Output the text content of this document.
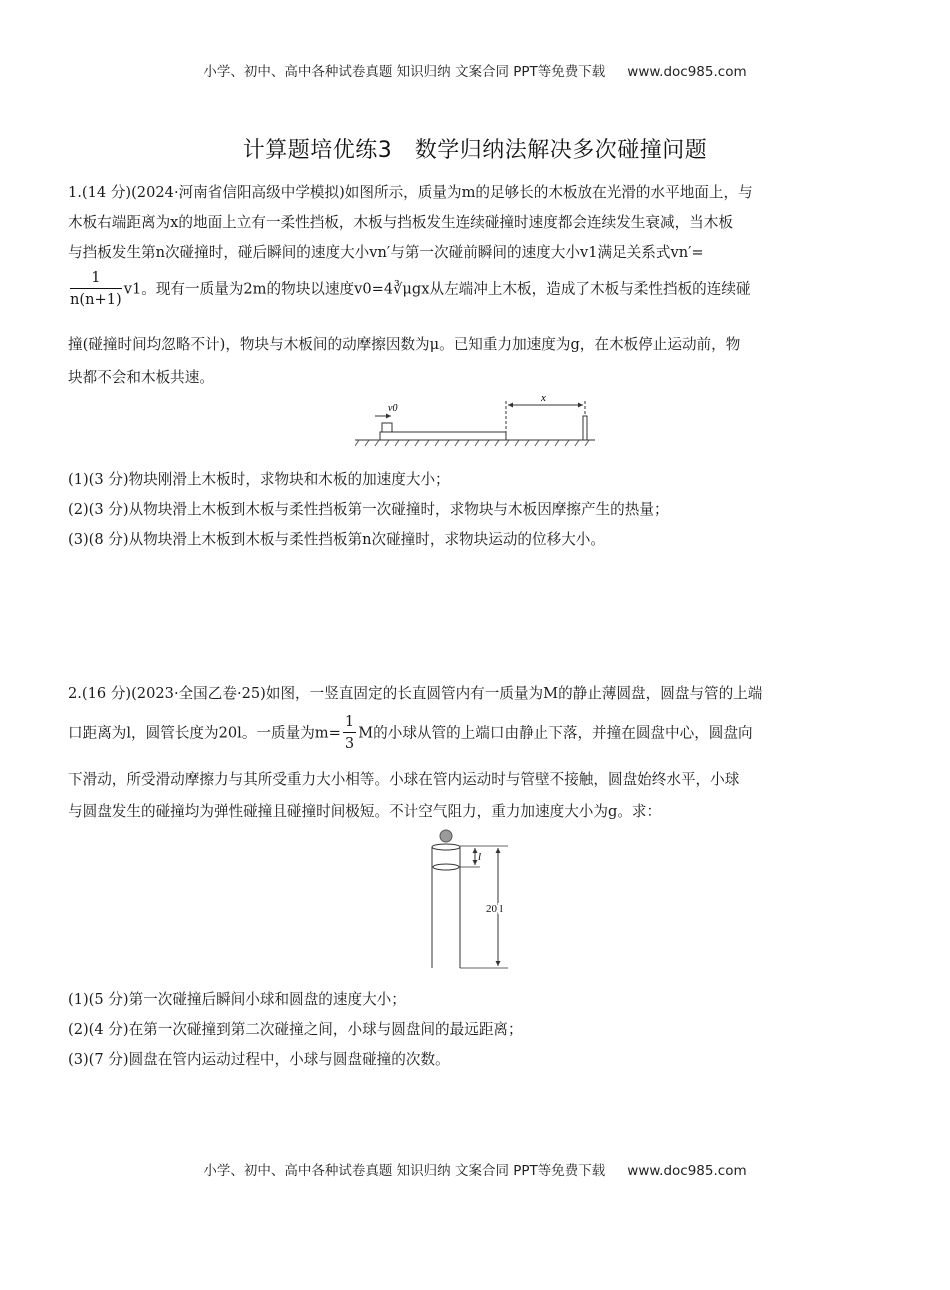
小学、初中、高中各种试卷真题 知识归纳 文案合同 PPT等免费下载 www.doc985.com
计算题培优练3　数学归纳法解决多次碰撞问题
1.(14 分)(2024·河南省信阳高级中学模拟)如图所示，质量为m的足够长的木板放在光滑的水平地面上，与
木板右端距离为x的地面上立有一柔性挡板，木板与挡板发生连续碰撞时速度都会连续发生衰减，当木板
与挡板发生第n次碰撞时，碰后瞬间的速度大小vn′与第一次碰前瞬间的速度大小v1满足关系式vn′=
$\frac{1}{n(n+1)} v1$。现有一质量为2m的物块以速度v0=4∛μgx从左端冲上木板，造成了木板与柔性挡板的连续碰
撞(碰撞时间均忽略不计)，物块与木板间的动摩擦因数为μ。已知重力加速度为g，在木板停止运动前，物
块都不会和木板共速。
v0
x
(1)(3 分)物块刚滑上木板时，求物块和木板的加速度大小；
(2)(3 分)从物块滑上木板到木板与柔性挡板第一次碰撞时，求物块与木板因摩擦产生的热量；
(3)(8 分)从物块滑上木板到木板与柔性挡板第n次碰撞时，求物块运动的位移大小。
2.(16 分)(2023·全国乙卷·25)如图，一竖直固定的长直圆管内有一质量为M的静止薄圆盘，圆盘与管的上端
口距离为l，圆管长度为20l。一质量为$m= \frac{1}{3}$ M的小球从管的上端口由静止下落，并撞在圆盘中心，圆盘向
下滑动，所受滑动摩擦力与其所受重力大小相等。小球在管内运动时与管壁不接触，圆盘始终水平，小球
与圆盘发生的碰撞均为弹性碰撞且碰撞时间极短。不计空气阻力，重力加速度大小为g。求：
l
20 l
(1)(5 分)第一次碰撞后瞬间小球和圆盘的速度大小；
(2)(4 分)在第一次碰撞到第二次碰撞之间，小球与圆盘间的最远距离；
(3)(7 分)圆盘在管内运动过程中，小球与圆盘碰撞的次数。
小学、初中、高中各种试卷真题 知识归纳 文案合同 PPT等免费下载 www.doc985.com
